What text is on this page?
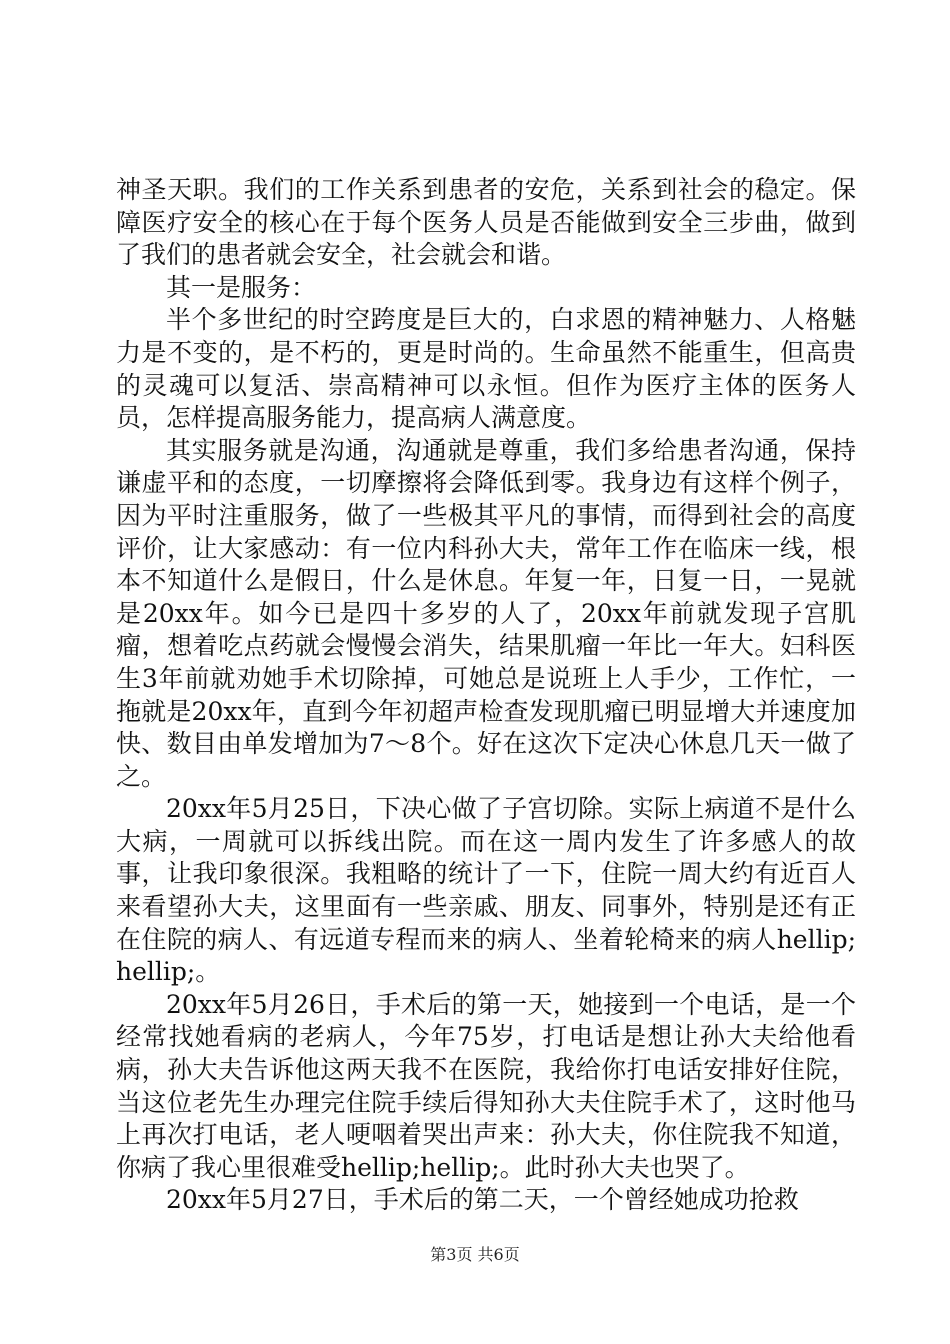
神圣天职。我们的工作关系到患者的安危，关系到社会的稳定。保障医疗安全的核心在于每个医务人员是否能做到安全三步曲，做到了我们的患者就会安全，社会就会和谐。

其一是服务：

半个多世纪的时空跨度是巨大的，白求恩的精神魅力、人格魅力是不变的，是不朽的，更是时尚的。生命虽然不能重生，但高贵的灵魂可以复活、崇高精神可以永恒。但作为医疗主体的医务人员，怎样提高服务能力，提高病人满意度。

其实服务就是沟通，沟通就是尊重，我们多给患者沟通，保持谦虚平和的态度，一切摩擦将会降低到零。我身边有这样个例子，因为平时注重服务，做了一些极其平凡的事情，而得到社会的高度评价，让大家感动：有一位内科孙大夫，常年工作在临床一线，根本不知道什么是假日，什么是休息。年复一年，日复一日，一晃就是20xx年。如今已是四十多岁的人了，20xx年前就发现子宫肌瘤，想着吃点药就会慢慢会消失，结果肌瘤一年比一年大。妇科医生3年前就劝她手术切除掉，可她总是说班上人手少，工作忙，一拖就是20xx年，直到今年初超声检查发现肌瘤已明显增大并速度加快、数目由单发增加为7～8个。好在这次下定决心休息几天一做了之。

20xx年5月25日，下决心做了子宫切除。实际上病道不是什么大病，一周就可以拆线出院。而在这一周内发生了许多感人的故事，让我印象很深。我粗略的统计了一下，住院一周大约有近百人来看望孙大夫，这里面有一些亲戚、朋友、同事外，特别是还有正在住院的病人、有远道专程而来的病人、坐着轮椅来的病人hellip;hellip;。

20xx年5月26日，手术后的第一天，她接到一个电话，是一个经常找她看病的老病人，今年75岁，打电话是想让孙大夫给他看病，孙大夫告诉他这两天我不在医院，我给你打电话安排好住院，当这位老先生办理完住院手续后得知孙大夫住院手术了，这时他马上再次打电话，老人哽咽着哭出声来：孙大夫，你住院我不知道，你病了我心里很难受hellip;hellip;。此时孙大夫也哭了。

20xx年5月27日，手术后的第二天，一个曾经她成功抢救

第3页 共6页
